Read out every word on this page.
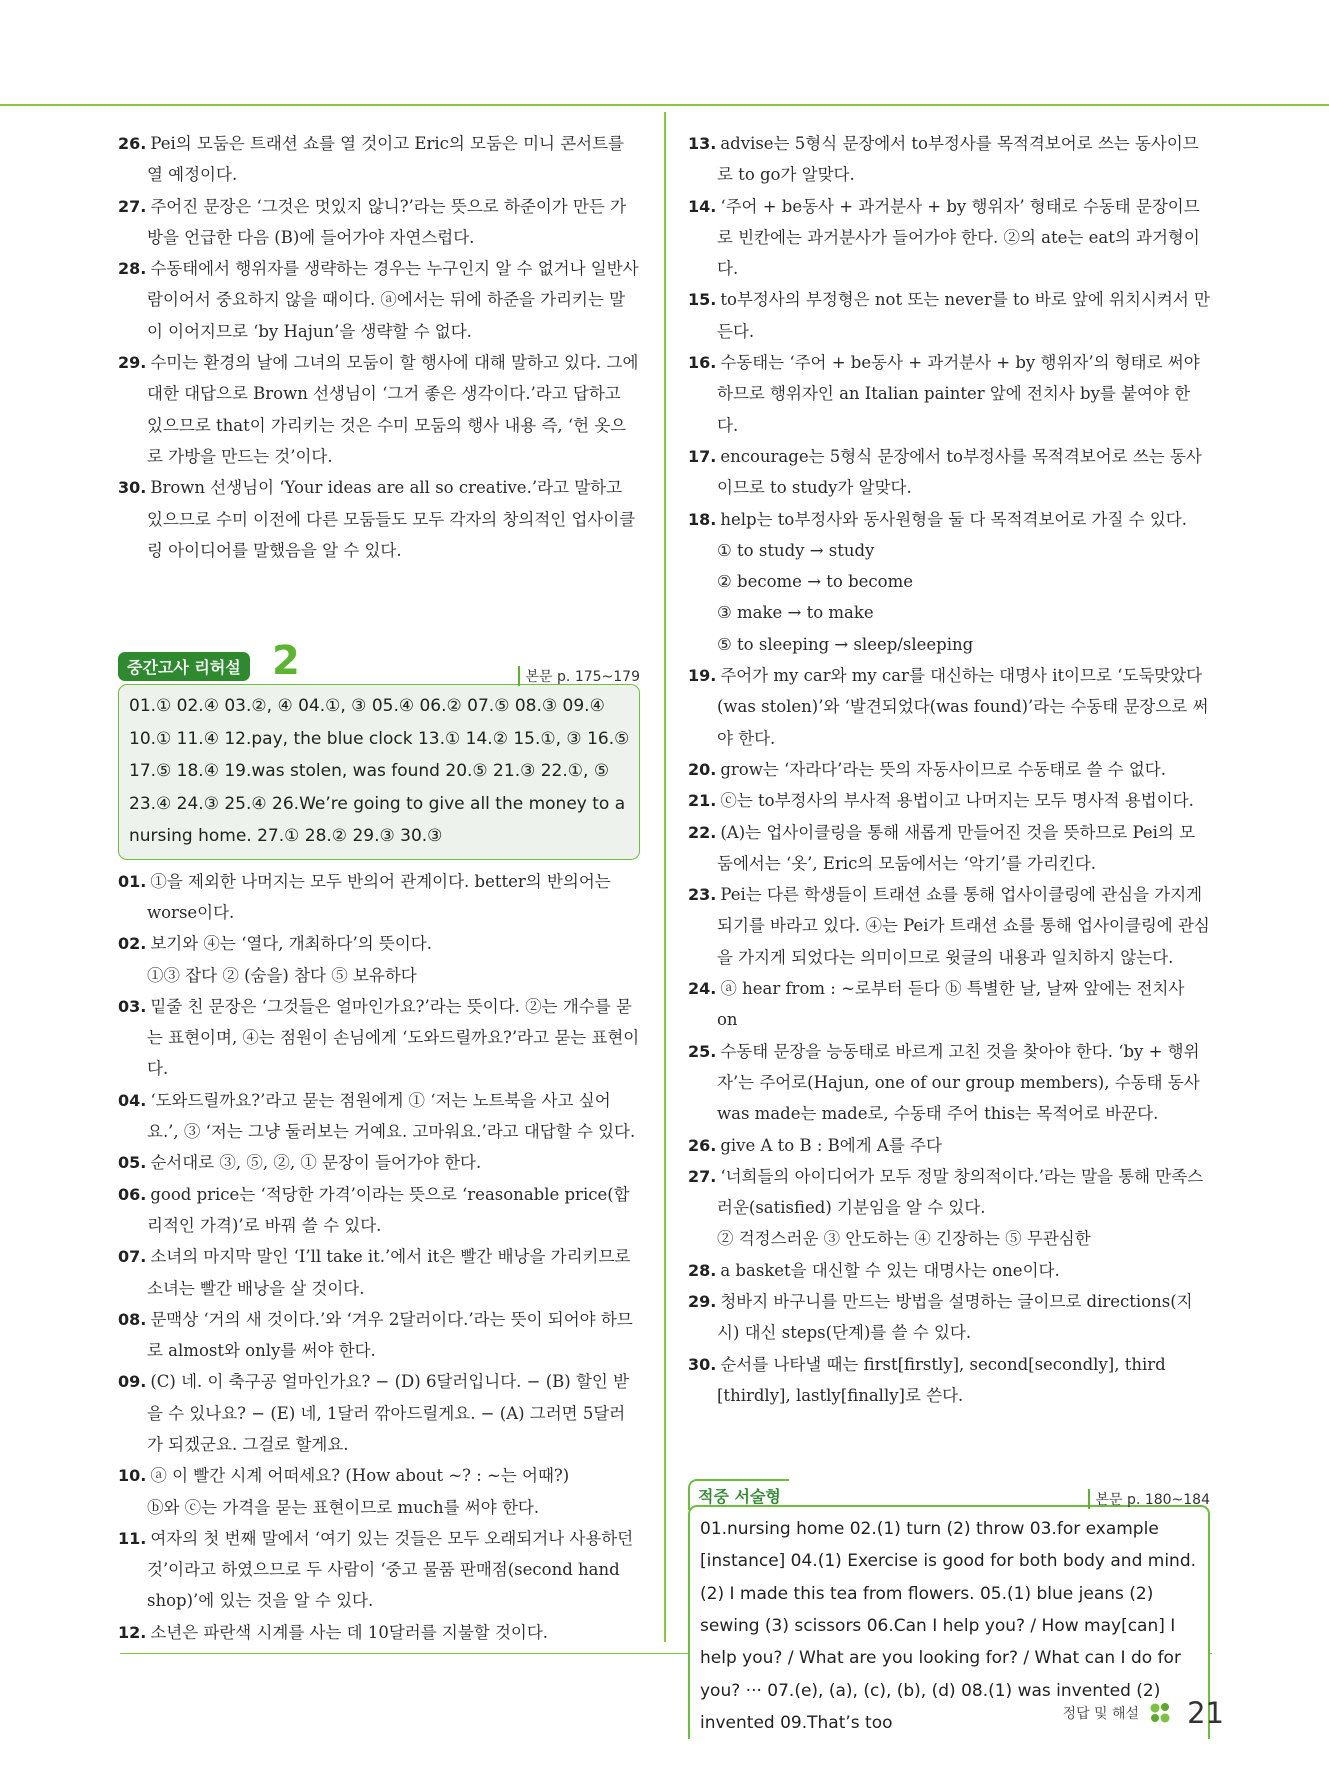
26. Pei의 모둠은 트래션 쇼를 열 것이고 Eric의 모둠은 미니 콘서트를 열 예정이다.

27. 주어진 문장은 ‘그것은 멋있지 않니?’라는 뜻으로 하준이가 만든 가방을 언급한 다음 (B)에 들어가야 자연스럽다.

28. 수동태에서 행위자를 생략하는 경우는 누구인지 알 수 없거나 일반사람이어서 중요하지 않을 때이다. ⓐ에서는 뒤에 하준을 가리키는 말이 이어지므로 ‘by Hajun’을 생략할 수 없다.

29. 수미는 환경의 날에 그녀의 모둠이 할 행사에 대해 말하고 있다. 그에 대한 대답으로 Brown 선생님이 ‘그거 좋은 생각이다.’라고 답하고 있으므로 that이 가리키는 것은 수미 모둠의 행사 내용 즉, ‘헌 옷으로 가방을 만드는 것’이다.

30. Brown 선생님이 ‘Your ideas are all so creative.’라고 말하고 있으므로 수미 이전에 다른 모둠들도 모두 각자의 창의적인 업사이클링 아이디어를 말했음을 알 수 있다.

중간고사 리허설 2	본문 p. 175~179
01.① 02.④ 03.②, ④ 04.①, ③ 05.④ 06.② 07.⑤ 08.③ 09.④ 10.① 11.④ 12.pay, the blue clock 13.① 14.② 15.①, ③ 16.⑤ 17.⑤ 18.④ 19.was stolen, was found 20.⑤ 21.③ 22.①, ⑤ 23.④ 24.③ 25.④ 26.We’re going to give all the money to a nursing home. 27.① 28.② 29.③ 30.③

01. ①을 제외한 나머지는 모두 반의어 관계이다. better의 반의어는 worse이다.

02. 보기와 ④는 ‘열다, 개최하다’의 뜻이다.

①③ 잡다 ② (숨을) 참다 ⑤ 보유하다

03. 밑줄 친 문장은 ‘그것들은 얼마인가요?’라는 뜻이다. ②는 개수를 묻는 표현이며, ④는 점원이 손님에게 ‘도와드릴까요?’라고 묻는 표현이다.

04. ‘도와드릴까요?’라고 묻는 점원에게 ① ‘저는 노트북을 사고 싶어요.’, ③ ‘저는 그냥 둘러보는 거예요. 고마워요.’라고 대답할 수 있다.

05. 순서대로 ③, ⑤, ②, ① 문장이 들어가야 한다.

06. good price는 ‘적당한 가격’이라는 뜻으로 ‘reasonable price(합리적인 가격)’로 바꿔 쓸 수 있다.

07. 소녀의 마지막 말인 ‘I’ll take it.’에서 it은 빨간 배낭을 가리키므로 소녀는 빨간 배낭을 살 것이다.

08. 문맥상 ‘거의 새 것이다.’와 ‘겨우 2달러이다.’라는 뜻이 되어야 하므로 almost와 only를 써야 한다.

09. (C) 네. 이 축구공 얼마인가요? − (D) 6달러입니다. − (B) 할인 받을 수 있나요? − (E) 네, 1달러 깎아드릴게요. − (A) 그러면 5달러가 되겠군요. 그걸로 할게요.

10. ⓐ 이 빨간 시계 어떠세요? (How about ~? : ~는 어때?)

ⓑ와 ⓒ는 가격을 묻는 표현이므로 much를 써야 한다.

11. 여자의 첫 번째 말에서 ‘여기 있는 것들은 모두 오래되거나 사용하던 것’이라고 하였으므로 두 사람이 ‘중고 물품 판매점(second hand shop)’에 있는 것을 알 수 있다.

12. 소년은 파란색 시계를 사는 데 10달러를 지불할 것이다.

13. advise는 5형식 문장에서 to부정사를 목적격보어로 쓰는 동사이므로 to go가 알맞다.

14. ‘주어 + be동사 + 과거분사 + by 행위자’ 형태로 수동태 문장이므로 빈칸에는 과거분사가 들어가야 한다. ②의 ate는 eat의 과거형이다.

15. to부정사의 부정형은 not 또는 never를 to 바로 앞에 위치시켜서 만든다.

16. 수동태는 ‘주어 + be동사 + 과거분사 + by 행위자’의 형태로 써야 하므로 행위자인 an Italian painter 앞에 전치사 by를 붙여야 한다.

17. encourage는 5형식 문장에서 to부정사를 목적격보어로 쓰는 동사이므로 to study가 알맞다.

18. help는 to부정사와 동사원형을 둘 다 목적격보어로 가질 수 있다.

① to study → study

② become → to become

③ make → to make

⑤ to sleeping → sleep/sleeping

19. 주어가 my car와 my car를 대신하는 대명사 it이므로 ‘도둑맞았다(was stolen)’와 ‘발견되었다(was found)’라는 수동태 문장으로 써야 한다.

20. grow는 ‘자라다’라는 뜻의 자동사이므로 수동태로 쓸 수 없다.

21. ⓒ는 to부정사의 부사적 용법이고 나머지는 모두 명사적 용법이다.

22. (A)는 업사이클링을 통해 새롭게 만들어진 것을 뜻하므로 Pei의 모둠에서는 ‘옷’, Eric의 모둠에서는 ‘악기’를 가리킨다.

23. Pei는 다른 학생들이 트래션 쇼를 통해 업사이클링에 관심을 가지게 되기를 바라고 있다. ④는 Pei가 트래션 쇼를 통해 업사이클링에 관심을 가지게 되었다는 의미이므로 윗글의 내용과 일치하지 않는다.

24. ⓐ hear from : ~로부터 듣다 ⓑ 특별한 날, 날짜 앞에는 전치사 on

25. 수동태 문장을 능동태로 바르게 고친 것을 찾아야 한다. ‘by + 행위자’는 주어로(Hajun, one of our group members), 수동태 동사 was made는 made로, 수동태 주어 this는 목적어로 바꾼다.

26. give A to B : B에게 A를 주다

27. ‘너희들의 아이디어가 모두 정말 창의적이다.’라는 말을 통해 만족스러운(satisfied) 기분임을 알 수 있다.

② 걱정스러운 ③ 안도하는 ④ 긴장하는 ⑤ 무관심한

28. a basket을 대신할 수 있는 대명사는 one이다.

29. 청바지 바구니를 만드는 방법을 설명하는 글이므로 directions(지시) 대신 steps(단계)를 쓸 수 있다.

30. 순서를 나타낼 때는 first[firstly], second[secondly], third [thirdly], lastly[finally]로 쓴다.

적중 서술형	본문 p. 180~184
01.nursing home 02.(1) turn (2) throw 03.for example [instance] 04.(1) Exercise is good for both body and mind. (2) I made this tea from flowers. 05.(1) blue jeans (2) sewing (3) scissors 06.Can I help you? / How may[can] I help you? / What are you looking for? / What can I do for you? ··· 07.(e), (a), (c), (b), (d) 08.(1) was invented (2) invented 09.That’s too	정답 및 해설 21
